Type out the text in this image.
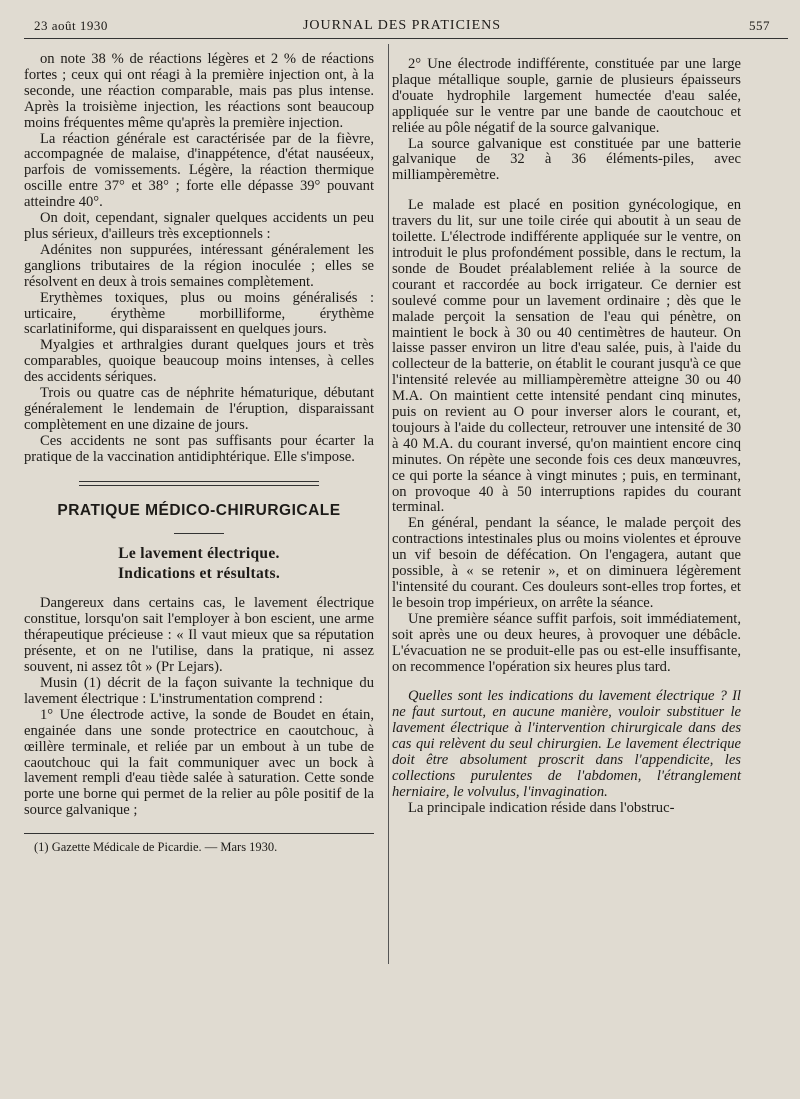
23 août 1930	JOURNAL DES PRATICIENS	557

on note 38 % de réactions légères et 2 % de réactions fortes ; ceux qui ont réagi à la première injection ont, à la seconde, une réaction comparable, mais pas plus intense. Après la troisième injection, les réactions sont beaucoup moins fréquentes même qu'après la première injection.

La réaction générale est caractérisée par de la fièvre, accompagnée de malaise, d'inappétence, d'état nauséeux, parfois de vomissements. Légère, la réaction thermique oscille entre 37° et 38° ; forte elle dépasse 39° pouvant atteindre 40°.

On doit, cependant, signaler quelques accidents un peu plus sérieux, d'ailleurs très exceptionnels :

Adénites non suppurées, intéressant généralement les ganglions tributaires de la région inoculée ; elles se résolvent en deux à trois semaines complètement.

Erythèmes toxiques, plus ou moins généralisés : urticaire, érythème morbilliforme, érythème scarlatiniforme, qui disparaissent en quelques jours.

Myalgies et arthralgies durant quelques jours et très comparables, quoique beaucoup moins intenses, à celles des accidents sériques.

Trois ou quatre cas de néphrite hématurique, débutant généralement le lendemain de l'éruption, disparaissant complètement en une dizaine de jours.

Ces accidents ne sont pas suffisants pour écarter la pratique de la vaccination antidiphtérique. Elle s'impose.

PRATIQUE MÉDICO-CHIRURGICALE
Le lavement électrique.
Indications et résultats.

Dangereux dans certains cas, le lavement électrique constitue, lorsqu'on sait l'employer à bon escient, une arme thérapeutique précieuse : « Il vaut mieux que sa réputation présente, et on ne l'utilise, dans la pratique, ni assez souvent, ni assez tôt » (Pr Lejars).

Musin (1) décrit de la façon suivante la technique du lavement électrique : L'instrumentation comprend :

1° Une électrode active, la sonde de Boudet en étain, engainée dans une sonde protectrice en caoutchouc, à œillère terminale, et reliée par un embout à un tube de caoutchouc qui la fait communiquer avec un bock à lavement rempli d'eau tiède salée à saturation. Cette sonde porte une borne qui permet de la relier au pôle positif de la source galvanique ;

(1) Gazette Médicale de Picardie. — Mars 1930.

2° Une électrode indifférente, constituée par une large plaque métallique souple, garnie de plusieurs épaisseurs d'ouate hydrophile largement humectée d'eau salée, appliquée sur le ventre par une bande de caoutchouc et reliée au pôle négatif de la source galvanique.

La source galvanique est constituée par une batterie galvanique de 32 à 36 éléments-piles, avec milliampèremètre.

Le malade est placé en position gynécologique, en travers du lit, sur une toile cirée qui aboutit à un seau de toilette. L'électrode indifférente appliquée sur le ventre, on introduit le plus profondément possible, dans le rectum, la sonde de Boudet préalablement reliée à la source de courant et raccordée au bock irrigateur. Ce dernier est soulevé comme pour un lavement ordinaire ; dès que le malade perçoit la sensation de l'eau qui pénètre, on maintient le bock à 30 ou 40 centimètres de hauteur. On laisse passer environ un litre d'eau salée, puis, à l'aide du collecteur de la batterie, on établit le courant jusqu'à ce que l'intensité relevée au milliampèremètre atteigne 30 ou 40 M.A. On maintient cette intensité pendant cinq minutes, puis on revient au O pour inverser alors le courant, et, toujours à l'aide du collecteur, retrouver une intensité de 30 à 40 M.A. du courant inversé, qu'on maintient encore cinq minutes. On répète une seconde fois ces deux manœuvres, ce qui porte la séance à vingt minutes ; puis, en terminant, on provoque 40 à 50 interruptions rapides du courant terminal.

En général, pendant la séance, le malade perçoit des contractions intestinales plus ou moins violentes et éprouve un vif besoin de défécation. On l'engagera, autant que possible, à « se retenir », et on diminuera légèrement l'intensité du courant. Ces douleurs sont-elles trop fortes, et le besoin trop impérieux, on arrête la séance.

Une première séance suffit parfois, soit immédiatement, soit après une ou deux heures, à provoquer une débâcle. L'évacuation ne se produit-elle pas ou est-elle insuffisante, on recommence l'opération six heures plus tard.

Quelles sont les indications du lavement électrique ? Il ne faut surtout, en aucune manière, vouloir substituer le lavement électrique à l'intervention chirurgicale dans des cas qui relèvent du seul chirurgien. Le lavement électrique doit être absolument proscrit dans l'appendicite, les collections purulentes de l'abdomen, l'étranglement herniaire, le volvulus, l'invagination.

La principale indication réside dans l'obstruc-
